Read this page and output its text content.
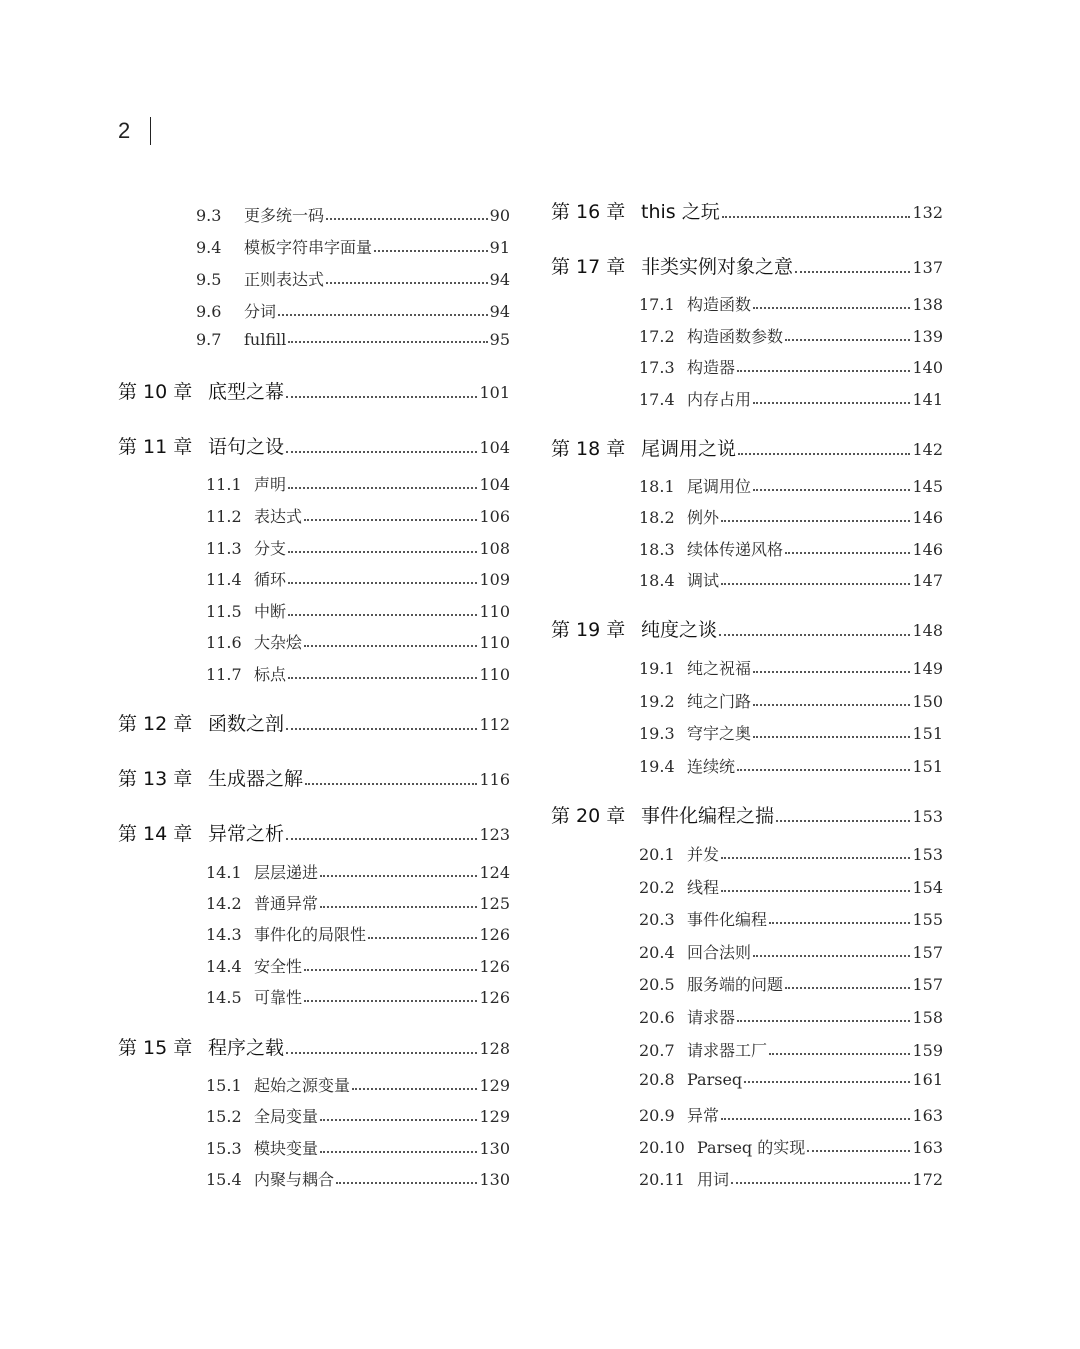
2
9.3	更多统一码	90
9.4	模板字符串字面量	91
9.5	正则表达式	94
9.6	分词	94
9.7	fulfill	95
第 10 章 底型之幕	101
第 11 章 语句之设	104
11.1 声明	104
11.2 表达式	106
11.3 分支	108
11.4 循环	109
11.5 中断	110
11.6 大杂烩	110
11.7 标点	110
第 12 章 函数之剖	112
第 13 章 生成器之解	116
第 14 章 异常之析	123
14.1 层层递进	124
14.2 普通异常	125
14.3 事件化的局限性	126
14.4 安全性	126
14.5 可靠性	126
第 15 章 程序之载	128
15.1 起始之源变量	129
15.2 全局变量	129
15.3 模块变量	130
15.4 内聚与耦合	130
第 16 章 this 之玩	132
第 17 章 非类实例对象之意	137
17.1 构造函数	138
17.2 构造函数参数	139
17.3 构造器	140
17.4 内存占用	141
第 18 章 尾调用之说	142
18.1 尾调用位	145
18.2 例外	146
18.3 续体传递风格	146
18.4 调试	147
第 19 章 纯度之谈	148
19.1 纯之祝福	149
19.2 纯之门路	150
19.3 穹宇之奥	151
19.4 连续统	151
第 20 章 事件化编程之揣	153
20.1 并发	153
20.2 线程	154
20.3 事件化编程	155
20.4 回合法则	157
20.5 服务端的问题	157
20.6 请求器	158
20.7 请求器工厂	159
20.8 Parseq	161
20.9 异常	163
20.10 Parseq 的实现	163
20.11 用词	172
